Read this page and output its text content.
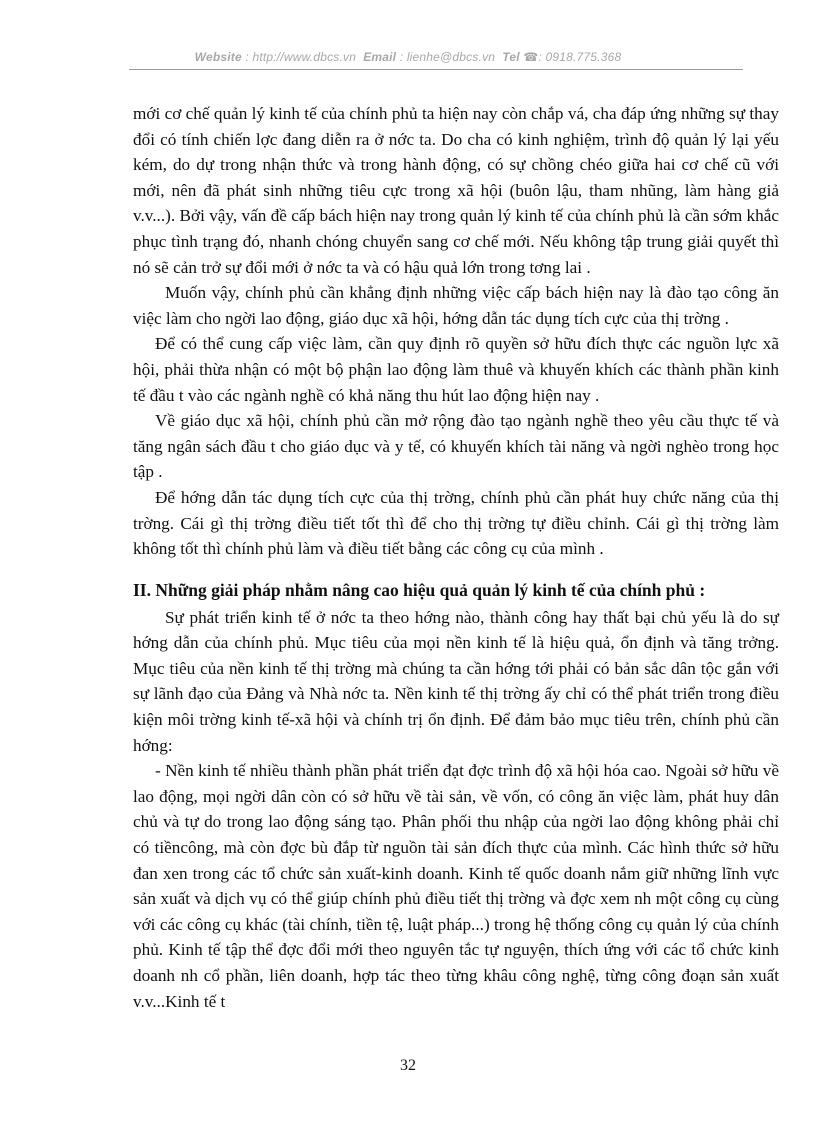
Website : http://www.dbcs.vn Email : lienhe@dbcs.vn Tel ☎: 0918.775.368

mới cơ chế quản lý kinh tế của chính phủ ta hiện nay còn chắp vá, cha đáp ứng những sự thay đổi có tính chiến lợc đang diễn ra ở nớc ta. Do cha có kinh nghiệm, trình độ quản lý lại yếu kém, do dự trong nhận thức và trong hành động, có sự chồng chéo giữa hai cơ chế cũ với mới, nên đã phát sinh những tiêu cực trong xã hội (buôn lậu, tham nhũng, làm hàng giả v.v...). Bởi vậy, vấn đề cấp bách hiện nay trong quản lý kinh tế của chính phủ là cần sớm khắc phục tình trạng đó, nhanh chóng chuyển sang cơ chế mới. Nếu không tập trung giải quyết thì nó sẽ cản trở sự đổi mới ở nớc ta và có hậu quả lớn trong tơng lai .

Muốn vậy, chính phủ cần khẳng định những việc cấp bách hiện nay là đào tạo công ăn việc làm cho ngời lao động, giáo dục xã hội, hớng dẫn tác dụng tích cực của thị trờng .

Để có thể cung cấp việc làm, cần quy định rõ quyền sở hữu đích thực các nguồn lực xã hội, phải thừa nhận có một bộ phận lao động làm thuê và khuyến khích các thành phần kinh tế đầu t vào các ngành nghề có khả năng thu hút lao động hiện nay .

Về giáo dục xã hội, chính phủ cần mở rộng đào tạo ngành nghề theo yêu cầu thực tế và tăng ngân sách đầu t cho giáo dục và y tế, có khuyến khích tài năng và ngời nghèo trong học tập .

Để hớng dẫn tác dụng tích cực của thị trờng, chính phủ cần phát huy chức năng của thị trờng. Cái gì thị trờng điều tiết tốt thì để cho thị trờng tự điều chỉnh. Cái gì thị trờng làm không tốt thì chính phủ làm và điều tiết bằng các công cụ của mình .

II. Những giải pháp nhằm nâng cao hiệu quả quản lý kinh tế của chính phủ :

Sự phát triển kinh tế ở nớc ta theo hớng nào, thành công hay thất bại chủ yếu là do sự hớng dẫn của chính phủ. Mục tiêu của mọi nền kinh tế là hiệu quả, ổn định và tăng trởng. Mục tiêu của nền kinh tế thị trờng mà chúng ta cần hớng tới phải có bản sắc dân tộc gắn với sự lãnh đạo của Đảng và Nhà nớc ta. Nền kinh tế thị trờng ấy chỉ có thể phát triển trong điều kiện môi trờng kinh tế-xã hội và chính trị ổn định. Để đảm bảo mục tiêu trên, chính phủ cần hớng:

- Nền kinh tế nhiều thành phần phát triển đạt đợc trình độ xã hội hóa cao. Ngoài sở hữu về lao động, mọi ngời dân còn có sở hữu về tài sản, về vốn, có công ăn việc làm, phát huy dân chủ và tự do trong lao động sáng tạo. Phân phối thu nhập của ngời lao động không phải chỉ có tiềncông, mà còn đợc bù đắp từ nguồn tài sản đích thực của mình. Các hình thức sở hữu đan xen trong các tổ chức sản xuất-kinh doanh. Kinh tế quốc doanh nắm giữ những lĩnh vực sản xuất và dịch vụ có thể giúp chính phủ điều tiết thị trờng và đợc xem nh một công cụ cùng với các công cụ khác (tài chính, tiền tệ, luật pháp...) trong hệ thống công cụ quản lý của chính phủ. Kinh tế tập thể đợc đổi mới theo nguyên tắc tự nguyện, thích ứng với các tổ chức kinh doanh nh cổ phần, liên doanh, hợp tác theo từng khâu công nghệ, từng công đoạn sản xuất v.v...Kinh tế t

32
